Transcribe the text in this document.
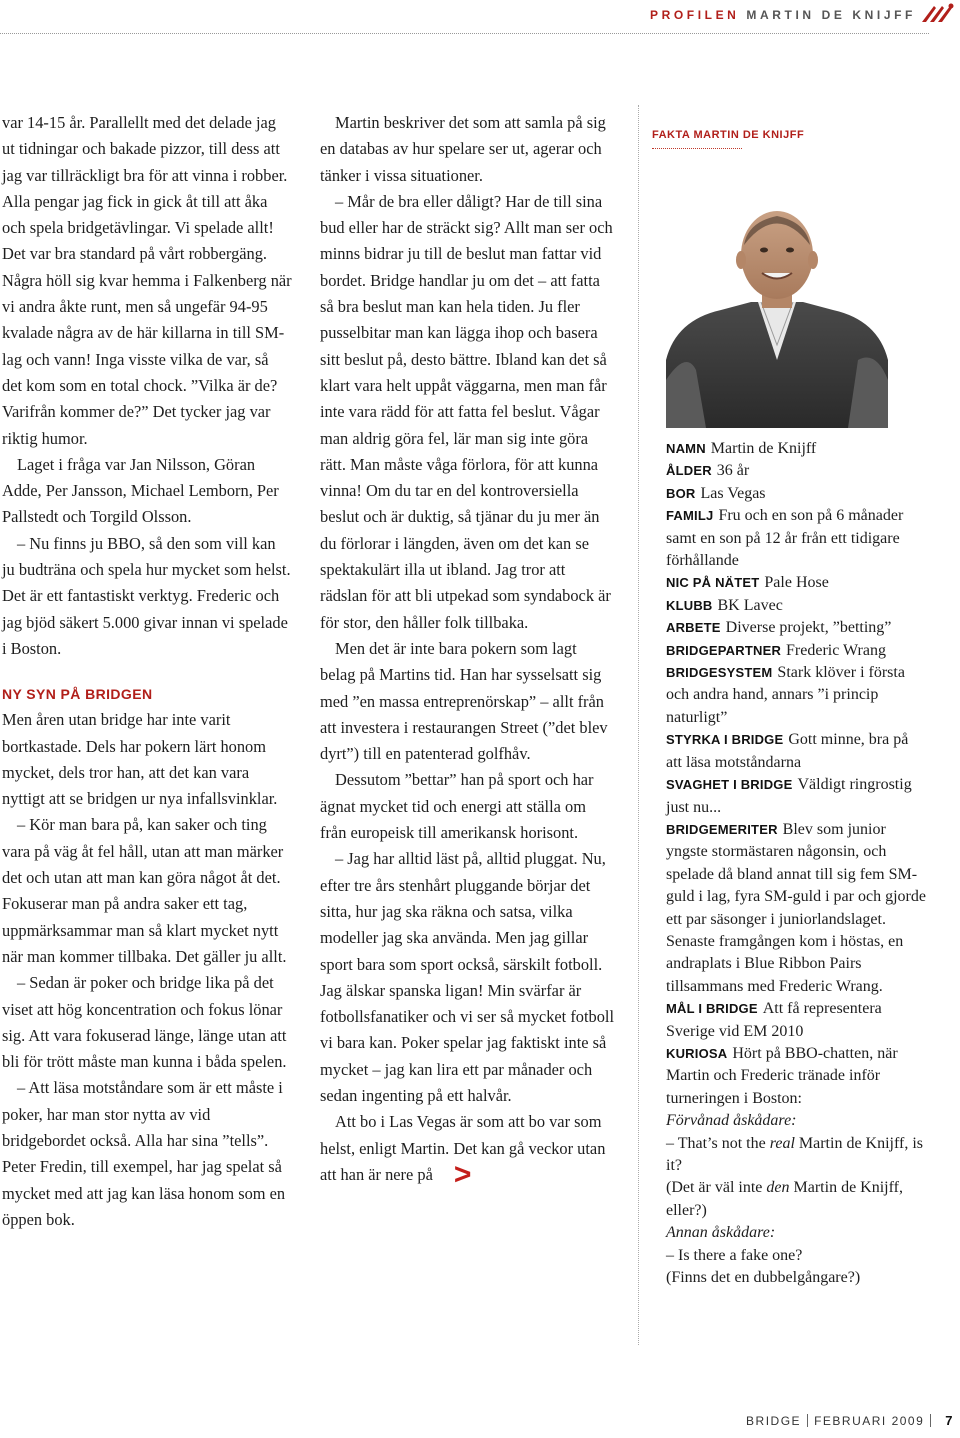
PROFILEN MARTIN DE KNIJFF

var 14-15 år. Parallellt med det delade jag ut tidningar och bakade pizzor, till dess att jag var tillräckligt bra för att vinna i robber. Alla pengar jag fick in gick åt till att åka och spela bridgetävlingar. Vi spelade allt! Det var bra standard på vårt robbergäng. Några höll sig kvar hemma i Falkenberg när vi andra åkte runt, men så ungefär 94-95 kvalade några av de här killarna in till SM-lag och vann! Inga visste vilka de var, så det kom som en total chock. ”Vilka är de? Varifrån kommer de?” Det tycker jag var riktig humor.

Laget i fråga var Jan Nilsson, Göran Adde, Per Jansson, Michael Lemborn, Per Pallstedt och Torgild Olsson.

– Nu finns ju BBO, så den som vill kan ju budträna och spela hur mycket som helst. Det är ett fantastiskt verktyg. Frederic och jag bjöd säkert 5.000 givar innan vi spelade i Boston.

NY SYN PÅ BRIDGEN

Men åren utan bridge har inte varit bortkastade. Dels har pokern lärt honom mycket, dels tror han, att det kan vara nyttigt att se bridgen ur nya infallsvinklar.

– Kör man bara på, kan saker och ting vara på väg åt fel håll, utan att man märker det och utan att man kan göra något åt det. Fokuserar man på andra saker ett tag, uppmärksammar man så klart mycket nytt när man kommer tillbaka. Det gäller ju allt.

– Sedan är poker och bridge lika på det viset att hög koncentration och fokus lönar sig. Att vara fokuserad länge, länge utan att bli för trött måste man kunna i båda spelen.

– Att läsa motståndare som är ett måste i poker, har man stor nytta av vid bridgebordet också. Alla har sina ”tells”. Peter Fredin, till exempel, har jag spelat så mycket med att jag kan läsa honom som en öppen bok.

Martin beskriver det som att samla på sig en databas av hur spelare ser ut, agerar och tänker i vissa situationer.

– Mår de bra eller dåligt? Har de till sina bud eller har de sträckt sig? Allt man ser och minns bidrar ju till de beslut man fattar vid bordet. Bridge handlar ju om det – att fatta så bra beslut man kan hela tiden. Ju fler pusselbitar man kan lägga ihop och basera sitt beslut på, desto bättre. Ibland kan det så klart vara helt uppåt väggarna, men man får inte vara rädd för att fatta fel beslut. Vågar man aldrig göra fel, lär man sig inte göra rätt. Man måste våga förlora, för att kunna vinna! Om du tar en del kontroversiella beslut och är duktig, så tjänar du ju mer än du förlorar i längden, även om det kan se spektakulärt illa ut ibland. Jag tror att rädslan för att bli utpekad som syndabock är för stor, den håller folk tillbaka.

Men det är inte bara pokern som lagt belag på Martins tid. Han har sysselsatt sig med ”en massa entreprenörskap” – allt från att investera i restaurangen Street (”det blev dyrt”) till en patenterad golfhåv.

Dessutom ”bettar” han på sport och har ägnat mycket tid och energi att ställa om från europeisk till amerikansk horisont.

– Jag har alltid läst på, alltid pluggat. Nu, efter tre års stenhårt pluggande börjar det sitta, hur jag ska räkna och satsa, vilka modeller jag ska använda. Men jag gillar sport bara som sport också, särskilt fotboll. Jag älskar spanska ligan! Min svärfar är fotbollsfanatiker och vi ser så mycket fotboll vi bara kan. Poker spelar jag faktiskt inte så mycket – jag kan lira ett par månader och sedan ingenting på ett halvår.

Att bo i Las Vegas är som att bo var som helst, enligt Martin. Det kan gå veckor utan att han är nere på >

FAKTA MARTIN DE KNIJFF
NAMN Martin de Knijff
ÅLDER 36 år
BOR Las Vegas
FAMILJ Fru och en son på 6 månader samt en son på 12 år från ett tidigare förhållande
NIC PÅ NÄTET Pale Hose
KLUBB BK Lavec
ARBETE Diverse projekt, ”betting”
BRIDGEPARTNER Frederic Wrang
BRIDGESYSTEM Stark klöver i första och andra hand, annars ”i princip naturligt”
STYRKA I BRIDGE Gott minne, bra på att läsa motståndarna
SVAGHET I BRIDGE Väldigt ringrostig just nu...
BRIDGEMERITER Blev som junior yngste stormästaren någonsin, och spelade då bland annat till sig fem SM-guld i lag, fyra SM-guld i par och gjorde ett par säsonger i juniorlandslaget. Senaste framgången kom i höstas, en andraplats i Blue Ribbon Pairs tillsammans med Frederic Wrang.
MÅL I BRIDGE Att få representera Sverige vid EM 2010
KURIOSA Hört på BBO-chatten, när Martin och Frederic tränade inför turneringen i Boston:
Förvånad åskådare:
– That’s not the real Martin de Knijff, is it?
(Det är väl inte den Martin de Knijff, eller?)
Annan åskådare:
– Is there a fake one?
(Finns det en dubbelgångare?)
BRIDGE FEBRUARI 2009 7
